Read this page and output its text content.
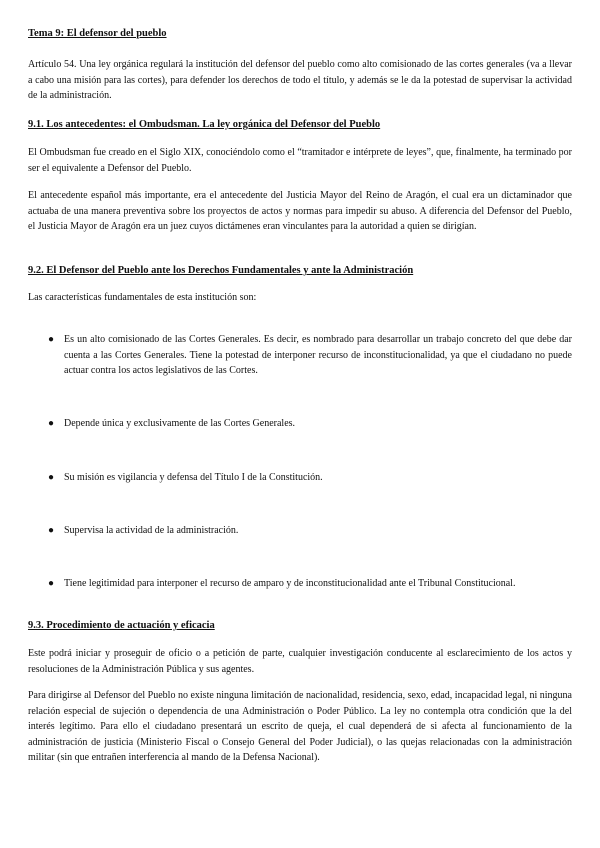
Tema 9: El defensor del pueblo

Artículo 54. Una ley orgánica regulará la institución del defensor del pueblo como alto comisionado de las cortes generales (va a llevar a cabo una misión para las cortes), para defender los derechos de todo el título, y además se le da la potestad de supervisar la actividad de la administración.

9.1. Los antecedentes: el Ombudsman. La ley orgánica del Defensor del Pueblo

El Ombudsman fue creado en el Siglo XIX, conociéndolo como el “tramitador e intérprete de leyes”, que, finalmente, ha terminado por ser el equivalente a Defensor del Pueblo.

El antecedente español más importante, era el antecedente del Justicia Mayor del Reino de Aragón, el cual era un dictaminador que actuaba de una manera preventiva sobre los proyectos de actos y normas para impedir su abuso. A diferencia del Defensor del Pueblo, el Justicia Mayor de Aragón era un juez cuyos dictámenes eran vinculantes para la autoridad a quien se dirigían.

9.2. El Defensor del Pueblo ante los Derechos Fundamentales y ante la Administración

Las características fundamentales de esta institución son:

● Es un alto comisionado de las Cortes Generales. Es decir, es nombrado para desarrollar un trabajo concreto del que debe dar cuenta a las Cortes Generales. Tiene la potestad de interponer recurso de inconstitucionalidad, ya que el ciudadano no puede actuar contra los actos legislativos de las Cortes.
● Depende única y exclusivamente de las Cortes Generales.
● Su misión es vigilancia y defensa del Título I de la Constitución.
● Supervisa la actividad de la administración.
● Tiene legitimidad para interponer el recurso de amparo y de inconstitucionalidad ante el Tribunal Constitucional.
9.3. Procedimiento de actuación y eficacia

Este podrá iniciar y proseguir de oficio o a petición de parte, cualquier investigación conducente al esclarecimiento de los actos y resoluciones de la Administración Pública y sus agentes.

Para dirigirse al Defensor del Pueblo no existe ninguna limitación de nacionalidad, residencia, sexo, edad, incapacidad legal, ni ninguna relación especial de sujeción o dependencia de una Administración o Poder Público. La ley no contempla otra condición que la del interés legítimo. Para ello el ciudadano presentará un escrito de queja, el cual dependerá de si afecta al funcionamiento de la administración de justicia (Ministerio Fiscal o Consejo General del Poder Judicial), o las quejas relacionadas con la administración militar (sin que entrañen interferencia al mando de la Defensa Nacional).
